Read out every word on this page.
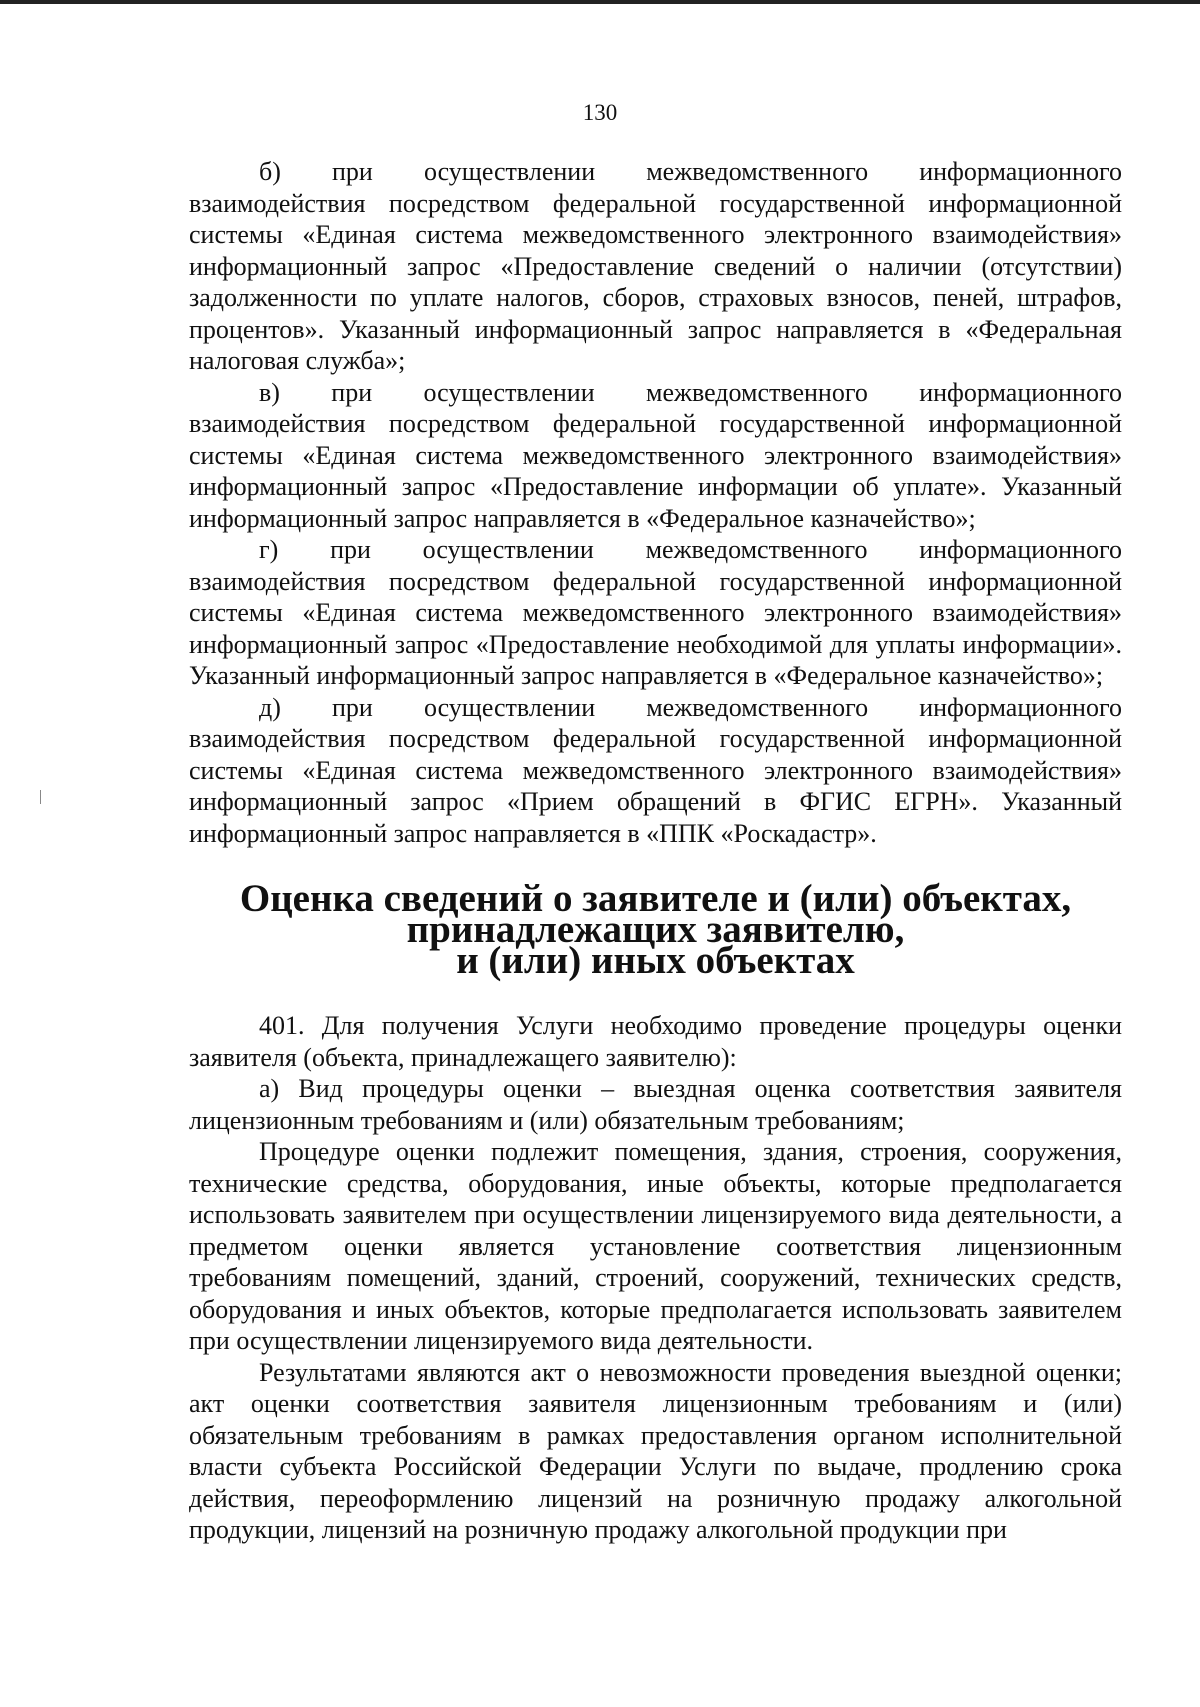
130

б) при осуществлении межведомственного информационного взаимодействия посредством федеральной государственной информационной системы «Единая система межведомственного электронного взаимодействия» информационный запрос «Предоставление сведений о наличии (отсутствии) задолженности по уплате налогов, сборов, страховых взносов, пеней, штрафов, процентов». Указанный информационный запрос направляется в «Федеральная налоговая служба»;

в) при осуществлении межведомственного информационного взаимодействия посредством федеральной государственной информационной системы «Единая система межведомственного электронного взаимодействия» информационный запрос «Предоставление информации об уплате». Указанный информационный запрос направляется в «Федеральное казначейство»;

г) при осуществлении межведомственного информационного взаимодействия посредством федеральной государственной информационной системы «Единая система межведомственного электронного взаимодействия» информационный запрос «Предоставление необходимой для уплаты информации». Указанный информационный запрос направляется в «Федеральное казначейство»;

д) при осуществлении межведомственного информационного взаимодействия посредством федеральной государственной информационной системы «Единая система межведомственного электронного взаимодействия» информационный запрос «Прием обращений в ФГИС ЕГРН». Указанный информационный запрос направляется в «ППК «Роскадастр».

Оценка сведений о заявителе и (или) объектах, принадлежащих заявителю,
и (или) иных объектах

401. Для получения Услуги необходимо проведение процедуры оценки заявителя (объекта, принадлежащего заявителю):

а) Вид процедуры оценки – выездная оценка соответствия заявителя лицензионным требованиям и (или) обязательным требованиям;

Процедуре оценки подлежит помещения, здания, строения, сооружения, технические средства, оборудования, иные объекты, которые предполагается использовать заявителем при осуществлении лицензируемого вида деятельности, а предметом оценки является установление соответствия лицензионным требованиям помещений, зданий, строений, сооружений, технических средств, оборудования и иных объектов, которые предполагается использовать заявителем при осуществлении лицензируемого вида деятельности.

Результатами являются акт о невозможности проведения выездной оценки; акт оценки соответствия заявителя лицензионным требованиям и (или) обязательным требованиям в рамках предоставления органом исполнительной власти субъекта Российской Федерации Услуги по выдаче, продлению срока действия, переоформлению лицензий на розничную продажу алкогольной продукции, лицензий на розничную продажу алкогольной продукции при
